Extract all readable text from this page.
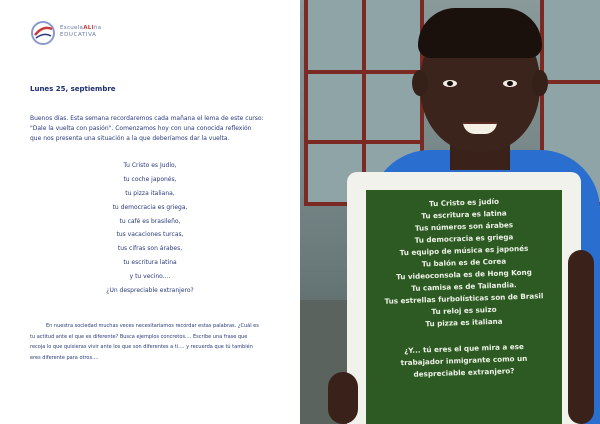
EscuelaALIña
EDUCATIVA
Lunes 25, septiembre
Buenos días. Esta semana recordaremos cada mañana el lema de este curso:
"Dale la vuelta con pasión". Comenzamos hoy con una conocida reflexión
que nos presenta una situación a la que deberíamos dar la vuelta.
Tu Cristo es Judío,
tu coche japonés,
tu pizza italiana,
tu democracia es griega,
tu café es brasileño,
tus vacaciones turcas,
tus cifras son árabes,
tu escritura latina
y tu vecino....
¿Un despreciable extranjero?
En nuestra sociedad muchas veces necesitaríamos recordar estas palabras. ¿Cuál es
tu actitud ante el que es diferente? Busca ejemplos concretos.... Escribe una frase que
recoja lo que quisieras vivir ante los que son diferentes a ti.... y recuerda que tú también
eres diferente para otros....
Tu Cristo es judío
Tu escritura es latina
Tus números son árabes
Tu democracia es griega
Tu equipo de música es japonés
Tu balón es de Corea
Tu videoconsola es de Hong Kong
Tu camisa es de Tailandia.
Tus estrellas furbolísticas son de Brasil
Tu reloj es suizo
Tu pizza es italiana
¿Y... tú eres el que mira a ese
trabajador inmigrante como un
despreciable extranjero?
